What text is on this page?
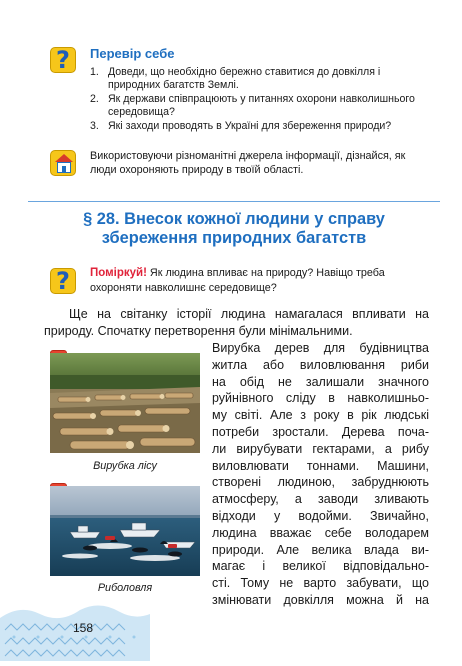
?	Перевір себе
1. Доведи, що необхідно бережно ставитися до довкілля і природних багатств Землі.
2. Як держави співпрацюють у питаннях охорони навколишнього середовища?
3. Які заходи проводять в Україні для збереження природи?
Використовуючи різноманітні джерела інформації, дізнайся, як люди охороняють природу в твоїй області.
§ 28. Внесок кожної людини у справу
збереження природних багатств
?	Поміркуй! Як людина впливає на природу? Навіщо треба охороняти навколишнє середовище?
Ще на світанку історії людина намагалася впливати на природу. Спочатку перетворення були мінімальними.
Вирубка лісу
Риболовля
Вирубка дерев для будівництва
житла або виловлювання риби
на обід не залишали значного
руйнівного сліду в навколишньо-
му світі. Але з року в рік людські
потреби зростали. Дерева поча-
ли вирубувати гектарами, а рибу
виловлювати тоннами. Машини,
створені людиною, забруднюють
атмосферу, а заводи зливають
відходи у водойми. Звичайно,
людина вважає себе володарем
природи. Але велика влада ви-
магає і великої відповідально-
сті. Тому не варто забувати, що
змінювати довкілля можна й на
158
